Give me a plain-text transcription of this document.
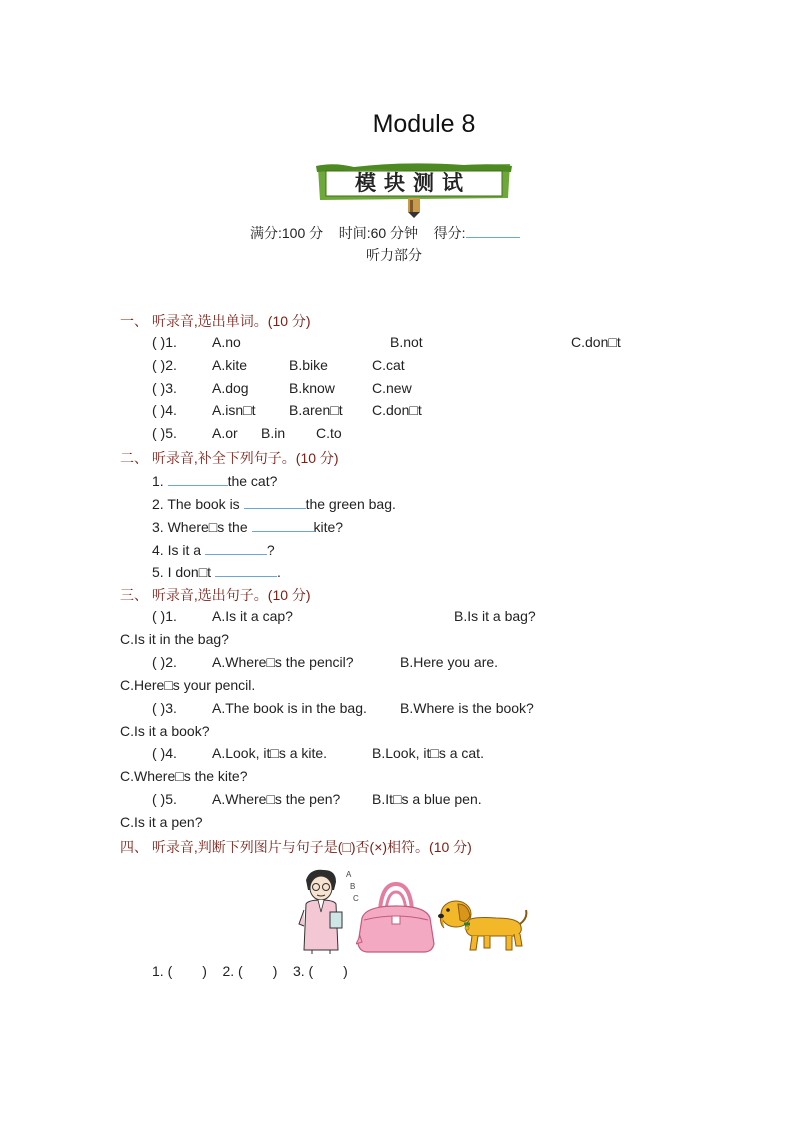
Module 8
模块测试
满分:100 分 时间:60 分钟 得分:
听力部分
一、 听录音,选出单词。(10 分)
( )1.	A.no	B.not	C.don□t
( )2.	A.kite	B.bike	C.cat
( )3.	A.dog	B.know	C.new
( )4.	A.isn□t B.aren□t C.don□t
( )5.	A.or B.in C.to
二、 听录音,补全下列句子。(10 分)
1.	the cat?
2. The book is	the green bag.
3. Where□s the	kite?
4. Is it a	?
5. I don□t	.
三、 听录音,选出句子。(10 分)
( )1.	A.Is it a cap?	B.Is it a bag?
C.Is it in the bag?
( )2.	A.Where□s the pencil?	B.Here you are.
C.Here□s your pencil.
( )3.	A.The book is in the bag. B.Where is the book?
C.Is it a book?
( )4.	A.Look, it□s a kite.	B.Look, it□s a cat.
C.Where□s the kite?
( )5.	A.Where□s the pen? B.It□s a blue pen.
C.Is it a pen?
四、 听录音,判断下列图片与句子是(□)否(×)相符。(10 分)
A
B
C
1. ( ) 2. ( ) 3. ( )
